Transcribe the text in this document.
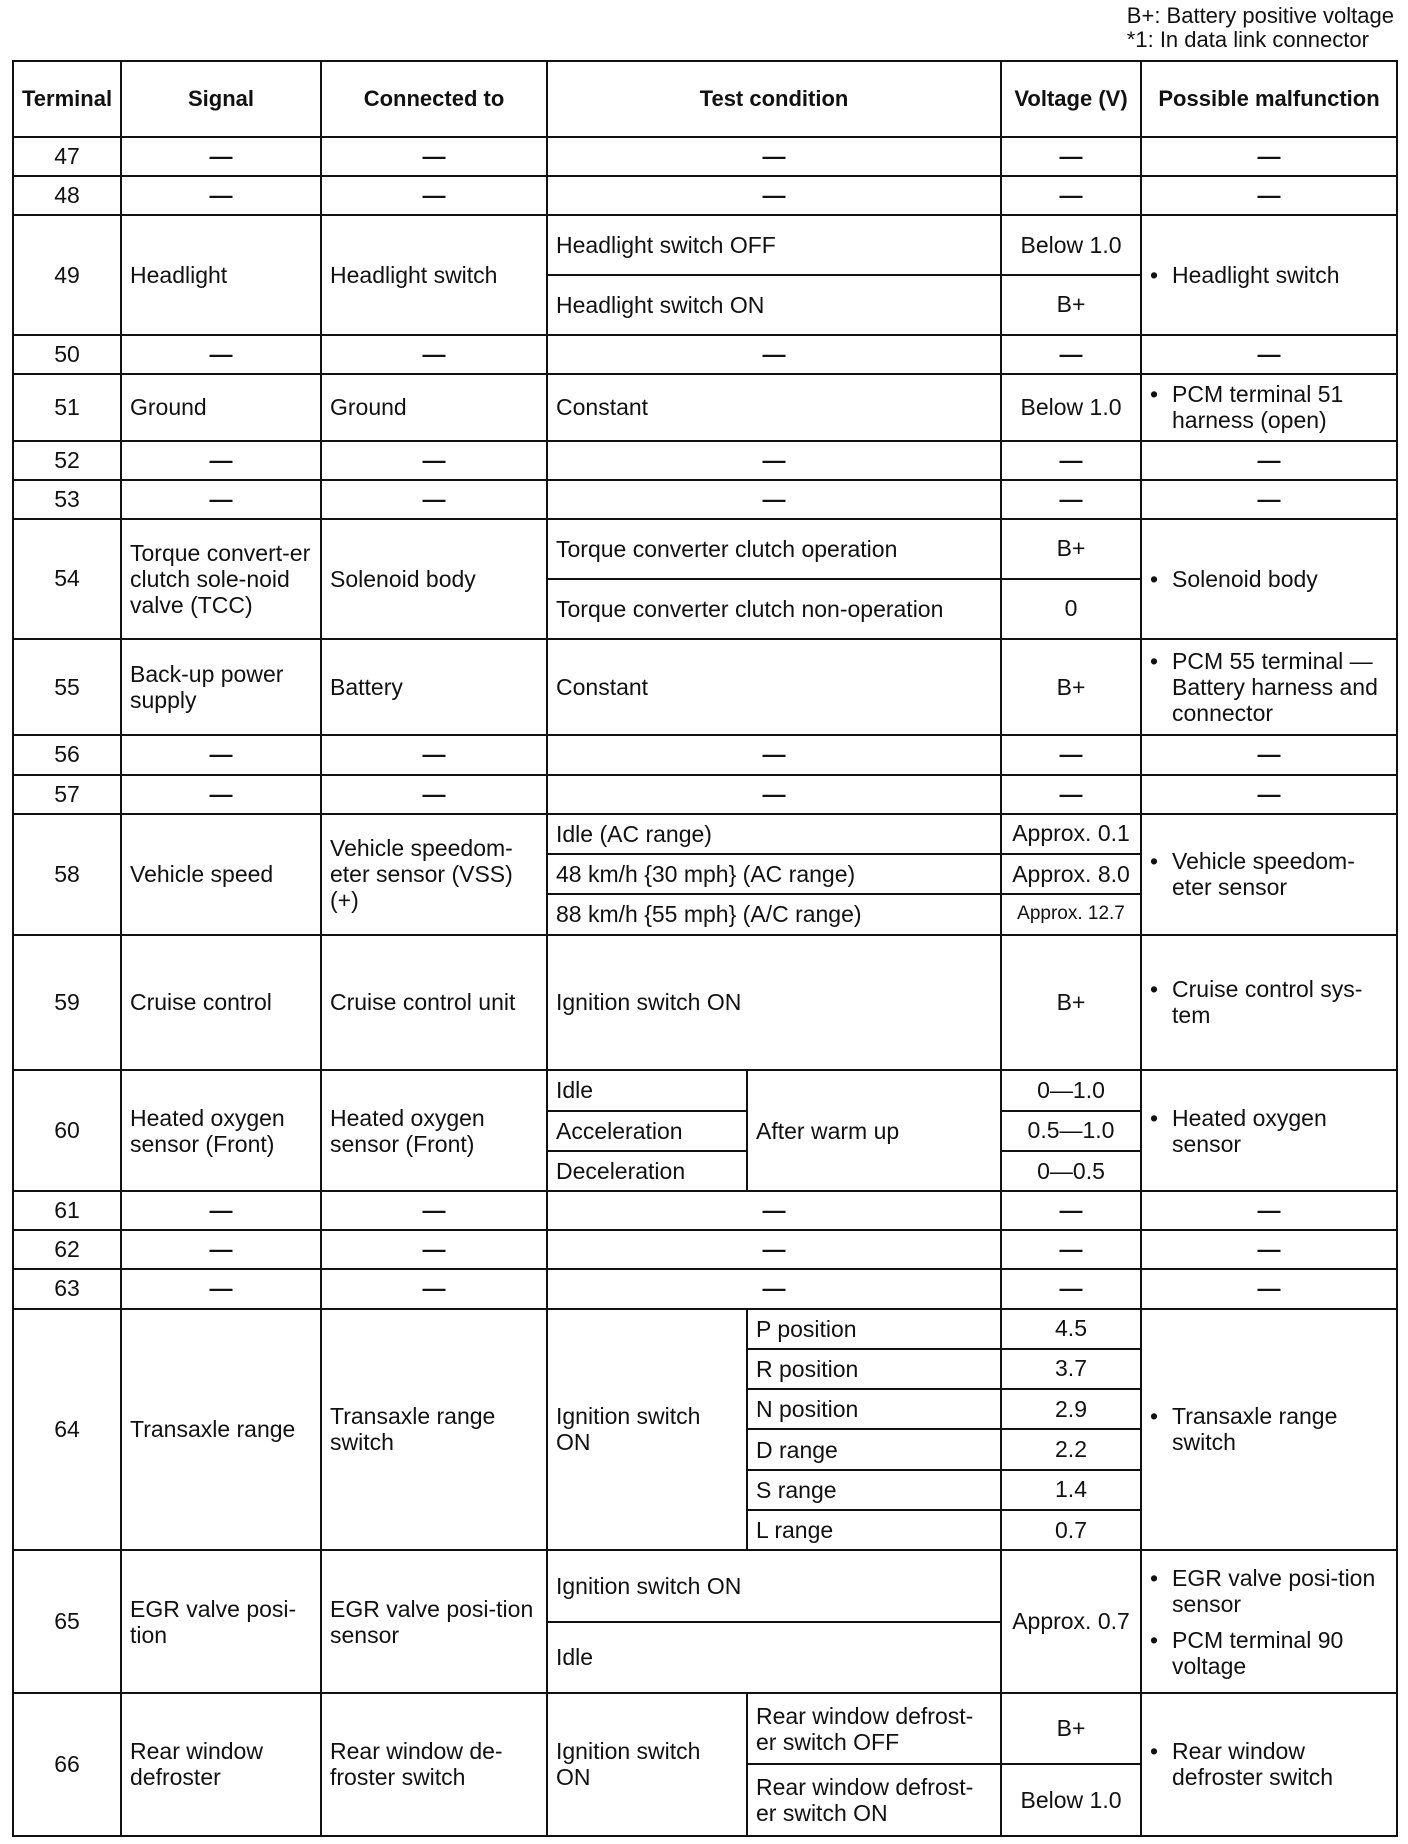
B+: Battery positive voltage
*1: In data link connector
Terminal	Signal	Connected to	Test condition		Voltage (V)	Possible malfunction
47	—	—	—		—	—
48	—	—	—		—	—
49	Headlight	Headlight switch	Headlight switch OFF		Below 1.0	• Headlight switch

			Headlight switch ON		B+	
50	—	—	—		—	—
51	Ground	Ground	Constant		Below 1.0	• PCM terminal 51 harness (open)

52	—	—	—		—	—
53	—	—	—		—	—
54	Torque convert-er clutch sole-noid valve (TCC)	Solenoid body	Torque converter clutch operation		B+	• Solenoid body

			Torque converter clutch non-operation		0	
55	Back-up power supply	Battery	Constant		B+	• PCM 55 terminal — Battery harness and connector

56	—	—	—		—	—
57	—	—	—		—	—
58	Vehicle speed	Vehicle speedom-eter sensor (VSS) (+)	Idle (AC range)		Approx. 0.1	• Vehicle speedom-eter sensor

			48 km/h {30 mph} (AC range)		Approx. 8.0	
			88 km/h {55 mph} (A/C range)		Approx. 12.7	
59	Cruise control	Cruise control unit	Ignition switch ON		B+	• Cruise control sys-tem

60	Heated oxygen sensor (Front)	Heated oxygen sensor (Front)	Idle	After warm up	0—1.0	• Heated oxygen sensor

			Acceleration		0.5—1.0	
			Deceleration		0—0.5	
61	—	—	—		—	—
62	—	—	—		—	—
63	—	—	—		—	—
64	Transaxle range	Transaxle range switch	Ignition switch ON	P position	4.5	• Transaxle range switch

				R position	3.7	
				N position	2.9	
				D range	2.2	
				S range	1.4	
				L range	0.7	
65	EGR valve posi-tion	EGR valve posi-tion sensor	Ignition switch ON		Approx. 0.7	• EGR valve posi-tion sensor
• PCM terminal 90 voltage

			Idle			
66	Rear window defroster	Rear window de-froster switch	Ignition switch ON	Rear window defrost-er switch OFF	B+	• Rear window defroster switch

				Rear window defrost-er switch ON	Below 1.0	
